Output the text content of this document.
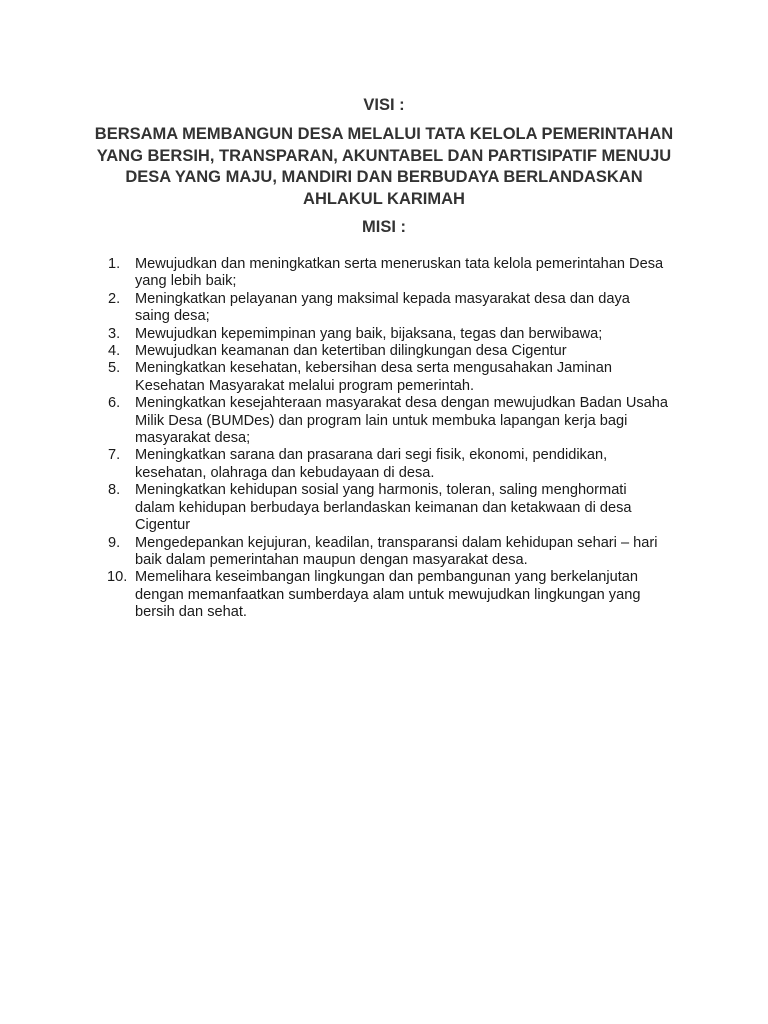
VISI :
BERSAMA MEMBANGUN DESA MELALUI TATA KELOLA PEMERINTAHAN YANG BERSIH, TRANSPARAN, AKUNTABEL DAN PARTISIPATIF MENUJU DESA YANG MAJU, MANDIRI DAN BERBUDAYA BERLANDASKAN AHLAKUL KARIMAH
MISI :
1.	Mewujudkan dan meningkatkan serta meneruskan tata kelola pemerintahan Desa yang lebih baik;
2.	Meningkatkan pelayanan yang maksimal kepada masyarakat desa dan daya saing desa;
3.	Mewujudkan kepemimpinan yang baik, bijaksana, tegas dan berwibawa;
4.	Mewujudkan keamanan dan ketertiban dilingkungan desa Cigentur
5.	Meningkatkan kesehatan, kebersihan desa serta mengusahakan Jaminan Kesehatan Masyarakat melalui program pemerintah.
6.	Meningkatkan kesejahteraan masyarakat desa dengan mewujudkan Badan Usaha Milik Desa (BUMDes) dan program lain untuk membuka lapangan kerja bagi masyarakat desa;
7.	Meningkatkan sarana dan prasarana dari segi fisik, ekonomi, pendidikan, kesehatan, olahraga dan kebudayaan di desa.
8.	Meningkatkan kehidupan sosial yang harmonis, toleran, saling menghormati dalam kehidupan berbudaya berlandaskan keimanan dan ketakwaan di desa Cigentur
9.	Mengedepankan kejujuran, keadilan, transparansi dalam kehidupan sehari – hari baik dalam pemerintahan maupun dengan masyarakat desa.
10. Memelihara keseimbangan lingkungan dan pembangunan yang berkelanjutan dengan memanfaatkan sumberdaya alam untuk mewujudkan lingkungan yang bersih dan sehat.
